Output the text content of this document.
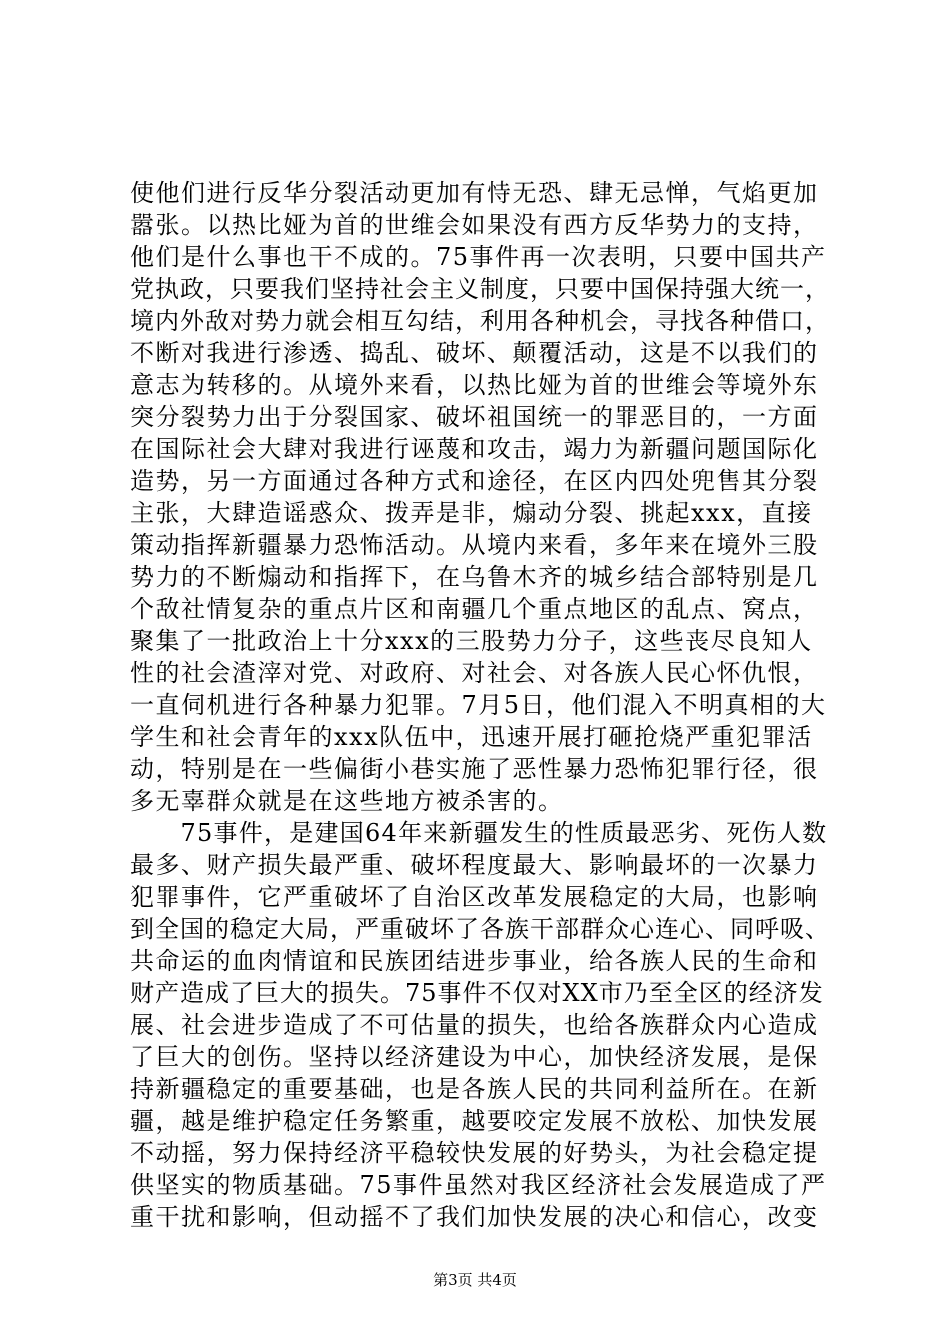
使他们进行反华分裂活动更加有恃无恐、肆无忌惮，气焰更加
嚣张。以热比娅为首的世维会如果没有西方反华势力的支持，
他们是什么事也干不成的。75事件再一次表明，只要中国共产
党执政，只要我们坚持社会主义制度，只要中国保持强大统一，
境内外敌对势力就会相互勾结，利用各种机会，寻找各种借口，
不断对我进行渗透、捣乱、破坏、颠覆活动，这是不以我们的
意志为转移的。从境外来看，以热比娅为首的世维会等境外东
突分裂势力出于分裂国家、破坏祖国统一的罪恶目的，一方面
在国际社会大肆对我进行诬蔑和攻击，竭力为新疆问题国际化
造势，另一方面通过各种方式和途径，在区内四处兜售其分裂
主张，大肆造谣惑众、拨弄是非，煽动分裂、挑起xxx，直接
策动指挥新疆暴力恐怖活动。从境内来看，多年来在境外三股
势力的不断煽动和指挥下，在乌鲁木齐的城乡结合部特别是几
个敌社情复杂的重点片区和南疆几个重点地区的乱点、窝点，
聚集了一批政治上十分xxx的三股势力分子，这些丧尽良知人
性的社会渣滓对党、对政府、对社会、对各族人民心怀仇恨，
一直伺机进行各种暴力犯罪。7月5日，他们混入不明真相的大
学生和社会青年的xxx队伍中，迅速开展打砸抢烧严重犯罪活
动，特别是在一些偏街小巷实施了恶性暴力恐怖犯罪行径，很
多无辜群众就是在这些地方被杀害的。
　　75事件，是建国64年来新疆发生的性质最恶劣、死伤人数
最多、财产损失最严重、破坏程度最大、影响最坏的一次暴力
犯罪事件，它严重破坏了自治区改革发展稳定的大局，也影响
到全国的稳定大局，严重破坏了各族干部群众心连心、同呼吸、
共命运的血肉情谊和民族团结进步事业，给各族人民的生命和
财产造成了巨大的损失。75事件不仅对XX市乃至全区的经济发
展、社会进步造成了不可估量的损失，也给各族群众内心造成
了巨大的创伤。坚持以经济建设为中心，加快经济发展，是保
持新疆稳定的重要基础，也是各族人民的共同利益所在。在新
疆，越是维护稳定任务繁重，越要咬定发展不放松、加快发展
不动摇，努力保持经济平稳较快发展的好势头，为社会稳定提
供坚实的物质基础。75事件虽然对我区经济社会发展造成了严
重干扰和影响，但动摇不了我们加快发展的决心和信心，改变
第3页 共4页
